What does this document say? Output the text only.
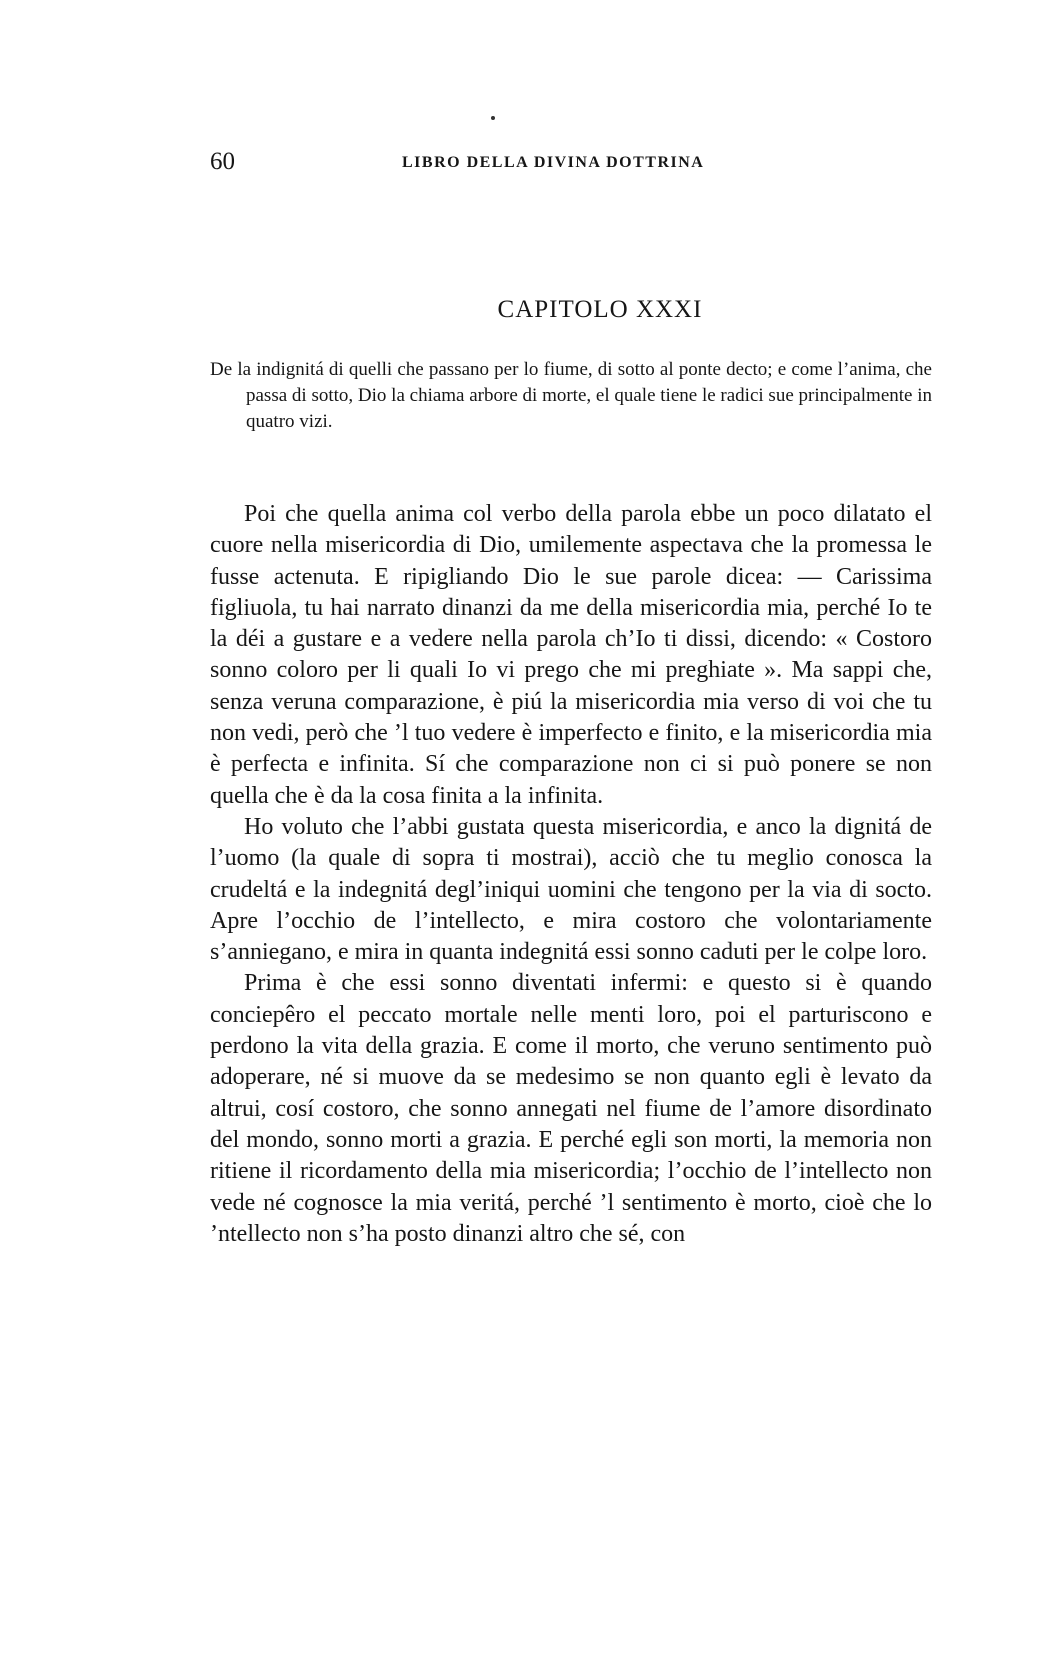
60	LIBRO DELLA DIVINA DOTTRINA
CAPITOLO XXXI
De la indignitá di quelli che passano per lo fiume, di sotto al ponte decto; e come l’anima, che passa di sotto, Dio la chiama arbore di morte, el quale tiene le radici sue principalmente in quatro vizi.

Poi che quella anima col verbo della parola ebbe un poco dilatato el cuore nella misericordia di Dio, umilemente aspectava che la promessa le fusse actenuta. E ripigliando Dio le sue parole dicea: — Carissima figliuola, tu hai narrato dinanzi da me della misericordia mia, perché Io te la déi a gustare e a vedere nella parola ch’Io ti dissi, dicendo: « Costoro sonno coloro per li quali Io vi prego che mi preghiate ». Ma sappi che, senza veruna comparazione, è piú la misericordia mia verso di voi che tu non vedi, però che ’l tuo vedere è imperfecto e finito, e la misericordia mia è perfecta e infinita. Sí che comparazione non ci si può ponere se non quella che è da la cosa finita a la infinita.

Ho voluto che l’abbi gustata questa misericordia, e anco la dignitá de l’uomo (la quale di sopra ti mostrai), acciò che tu meglio conosca la crudeltá e la indegnitá degl’iniqui uomini che tengono per la via di socto. Apre l’occhio de l’intellecto, e mira costoro che volontariamente s’anniegano, e mira in quanta indegnitá essi sonno caduti per le colpe loro.

Prima è che essi sonno diventati infermi: e questo si è quando conciepêro el peccato mortale nelle menti loro, poi el parturiscono e perdono la vita della grazia. E come il morto, che veruno sentimento può adoperare, né si muove da se medesimo se non quanto egli è levato da altrui, cosí costoro, che sonno annegati nel fiume de l’amore disordinato del mondo, sonno morti a grazia. E perché egli son morti, la memoria non ritiene il ricordamento della mia misericordia; l’occhio de l’intellecto non vede né cognosce la mia veritá, perché ’l sentimento è morto, cioè che lo ’ntellecto non s’ha posto dinanzi altro che sé, con
